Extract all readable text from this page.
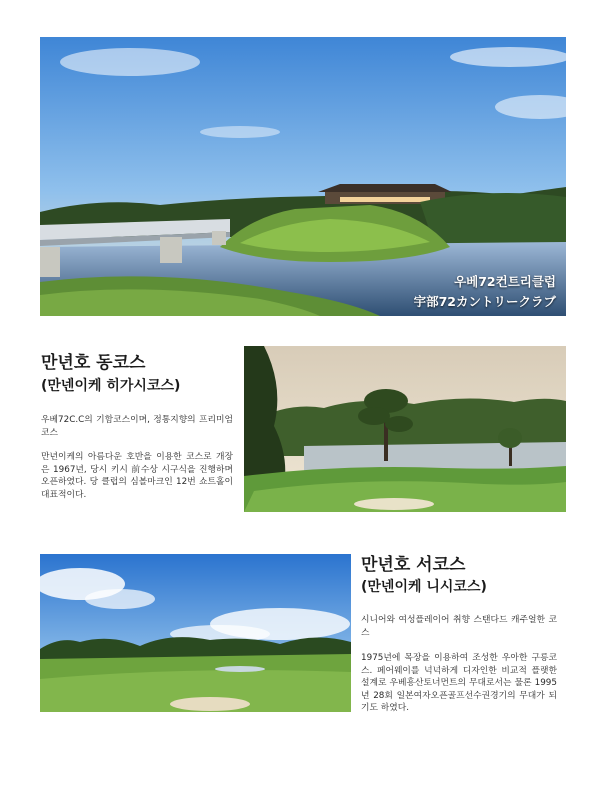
우베72컨트리클럽
宇部72カントリークラブ
만년호 동코스
(만넨이케 히가시코스)
우베72C.C의 기함코스이며, 정통지향의 프리미엄코스
만년이케의 아름다운 호반을 이용한 코스로 개장은 1967년, 당시 키시 前수상 시구식을 진행하며 오픈하였다. 당 클럽의 심볼마크인 12번 쇼트홀이 대표적이다.
만년호 서코스
(만넨이케 니시코스)
시니어와 여성플레이어 취향 스탠다드 캐주얼한 코스
1975년에 목장을 이용하여 조성한 우아한 구릉코스. 페어웨이를 넉넉하게 디자인한 비교적 플랫한 설계로 우베흥산토너먼트의 무대로서는 물론 1995년 28회 일본여자오픈골프선수권경기의 무대가 되기도 하였다.
